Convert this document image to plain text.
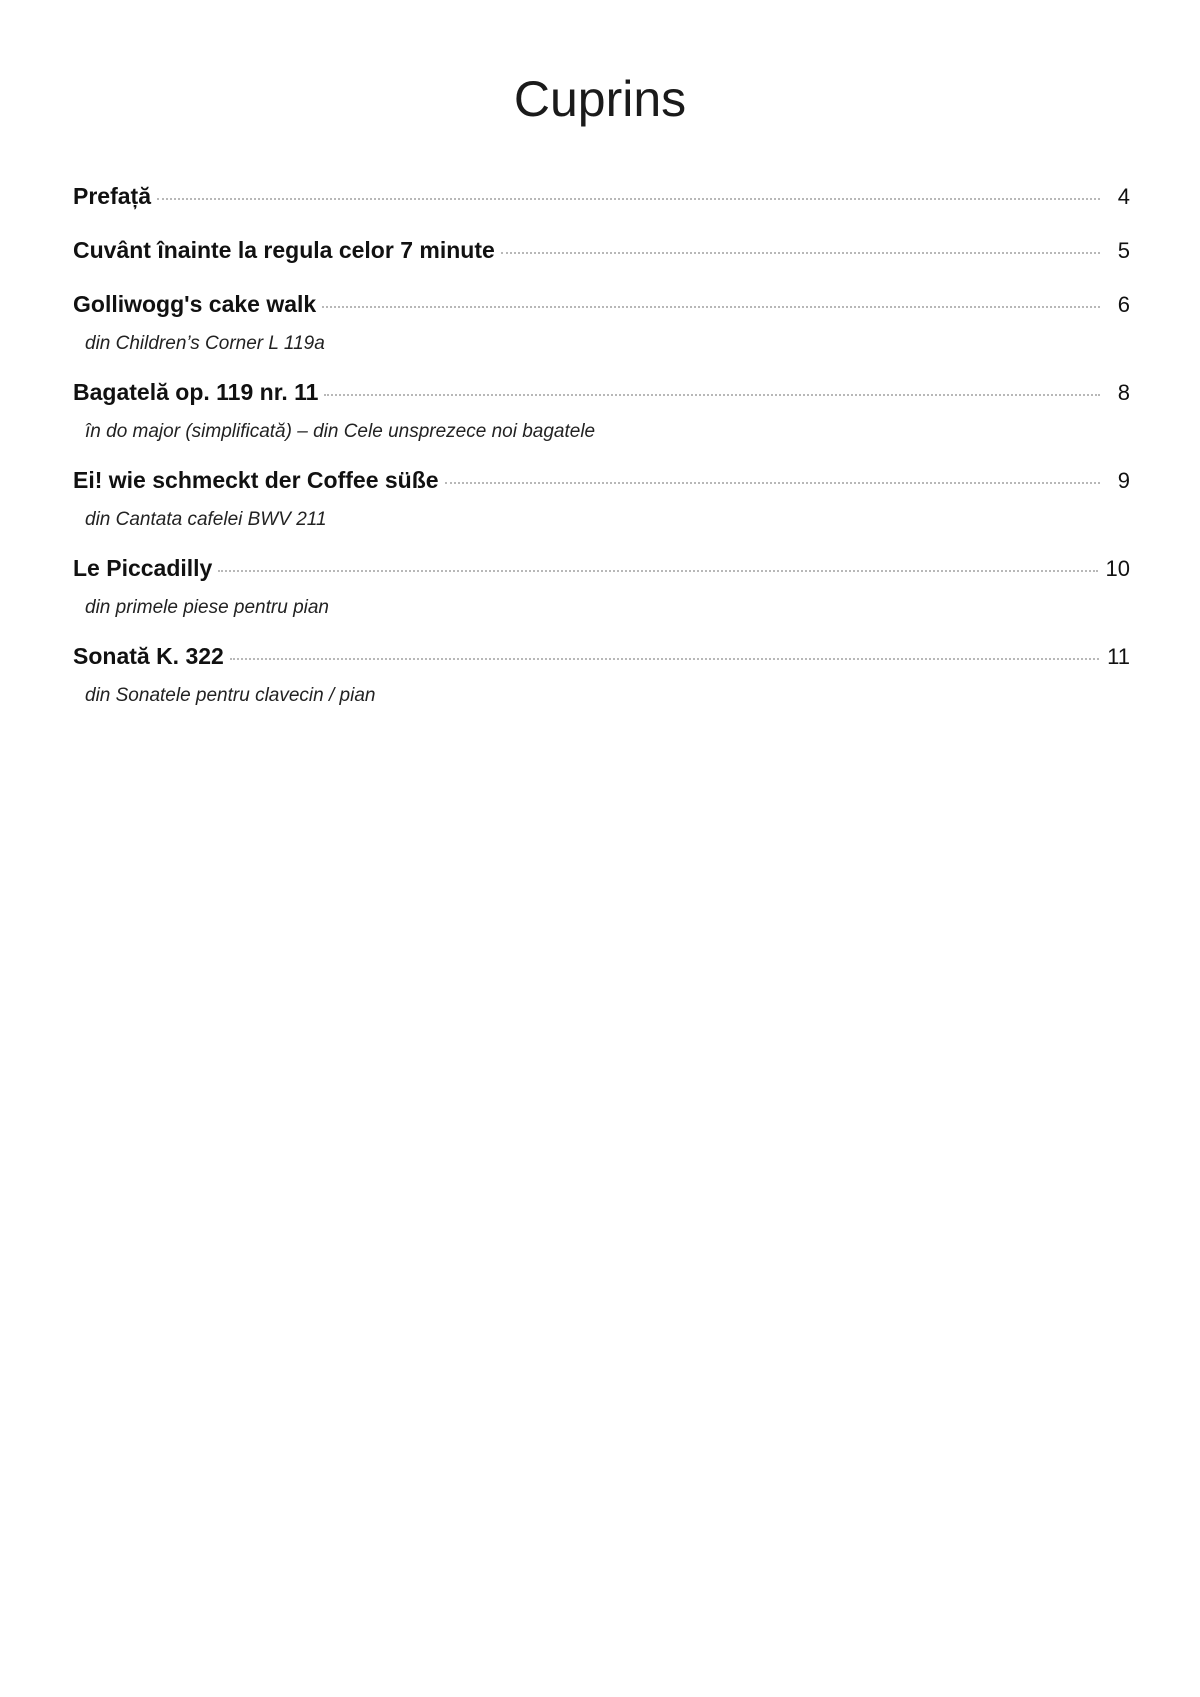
Cuprins
Prefață	4
Cuvânt înainte la regula celor 7 minute	5
Golliwogg's cake walk	6
din Children’s Corner L 119a
Bagatelă op. 119 nr. 11	8
în do major (simplificată) – din Cele unsprezece noi bagatele
Ei! wie schmeckt der Coffee süße	9
din Cantata cafelei BWV 211
Le Piccadilly	10
din primele piese pentru pian
Sonată K. 322	11
din Sonatele pentru clavecin / pian
